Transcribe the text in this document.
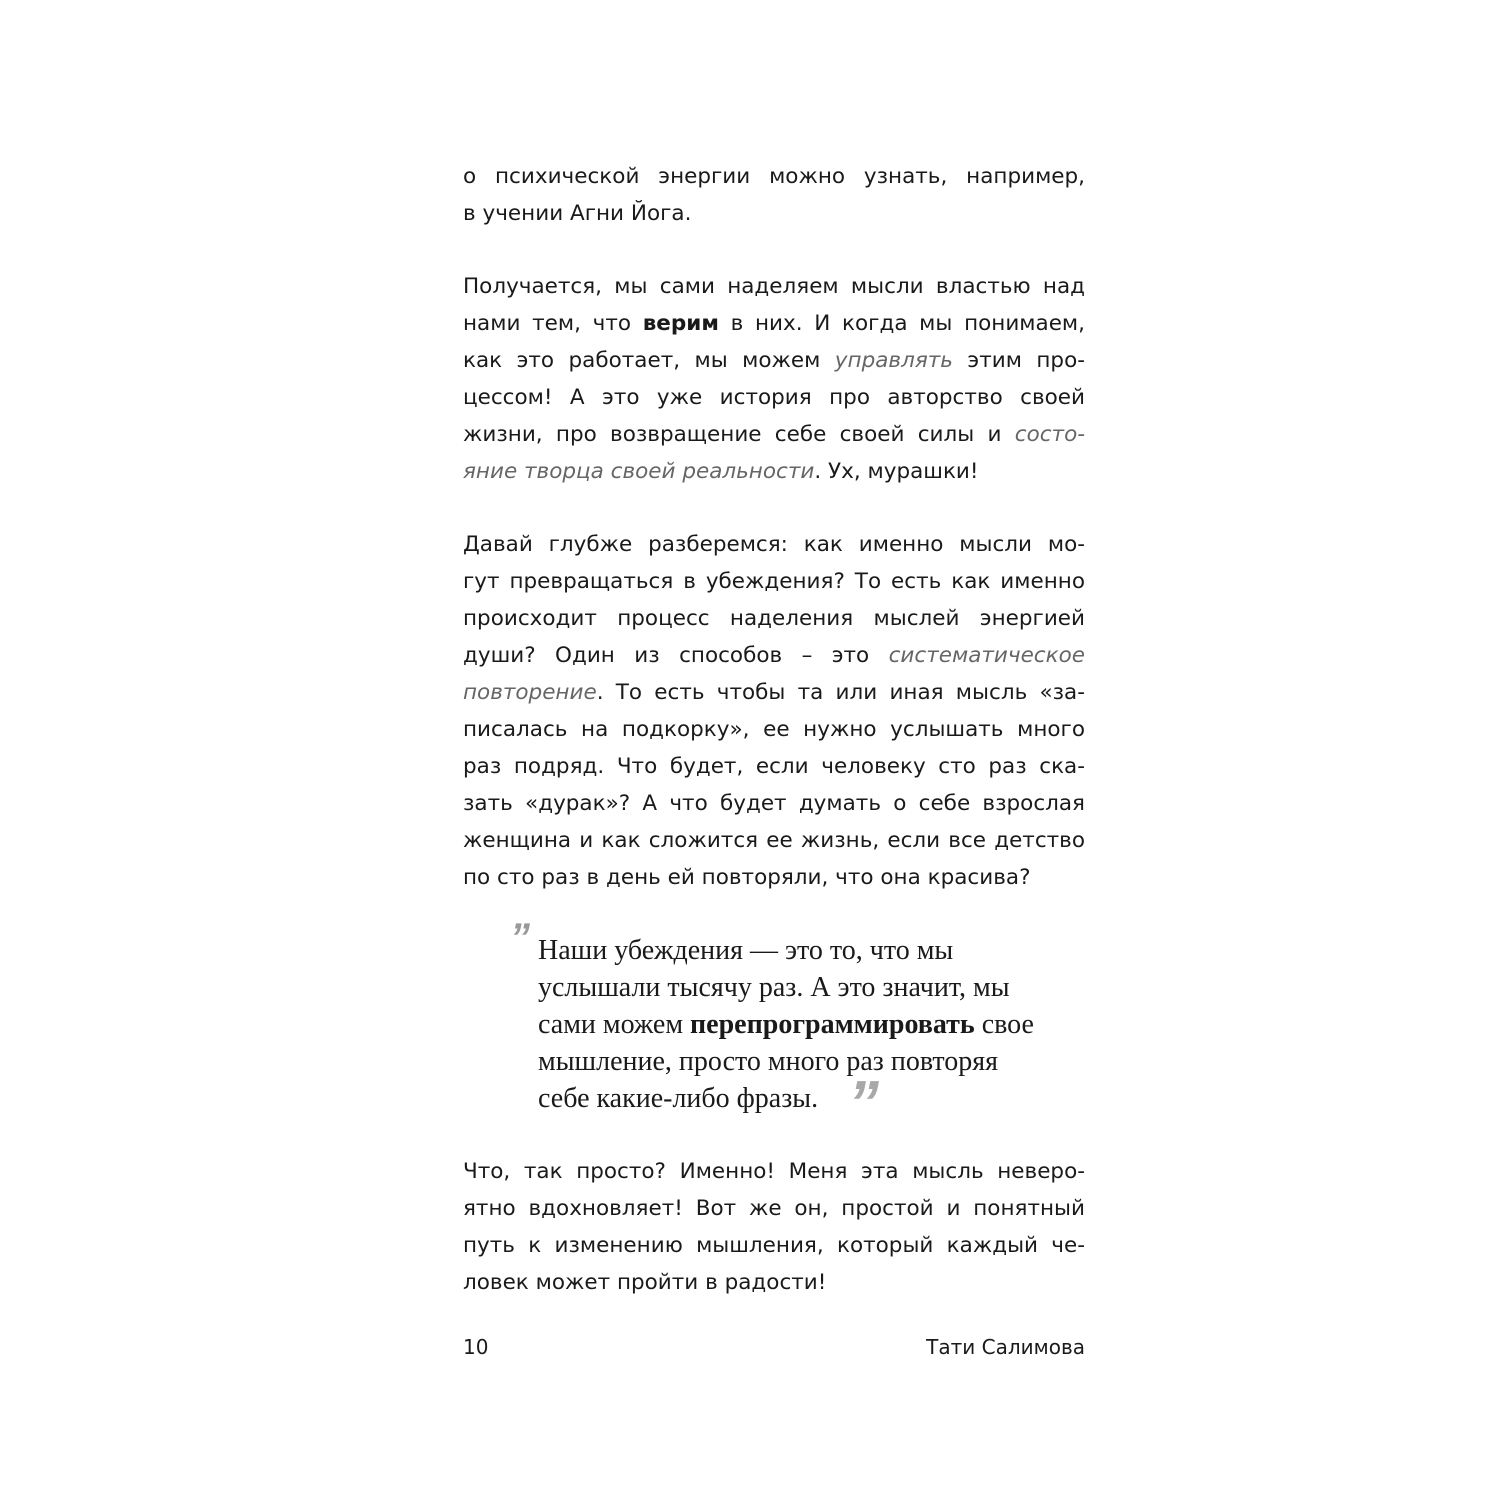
о психической энергии можно узнать, например,
в учении Агни Йога.
Получается, мы сами наделяем мысли властью над
нами тем, что верим в них. И когда мы понимаем,
как это работает, мы можем управлять этим про-
цессом! А это уже история про авторство своей
жизни, про возвращение себе своей силы и состо-
яние творца своей реальности. Ух, мурашки!
Давай глубже разберемся: как именно мысли мо-
гут превращаться в убеждения? То есть как именно
происходит процесс наделения мыслей энергией
души? Один из способов – это систематическое
повторение. То есть чтобы та или иная мысль «за-
писалась на подкорку», ее нужно услышать много
раз подряд. Что будет, если человеку сто раз ска-
зать «дурак»? А что будет думать о себе взрослая
женщина и как сложится ее жизнь, если все детство
по сто раз в день ей повторяли, что она красива?
” Наши убеждения — это то, что мы
услышали тысячу раз. А это значит, мы
сами можем перепрограммировать свое
мышление, просто много раз повторяя
себе какие-либо фразы. ”
Что, так просто? Именно! Меня эта мысль неверо-
ятно вдохновляет! Вот же он, простой и понятный
путь к изменению мышления, который каждый че-
ловек может пройти в радости!
10	Тати Салимова
